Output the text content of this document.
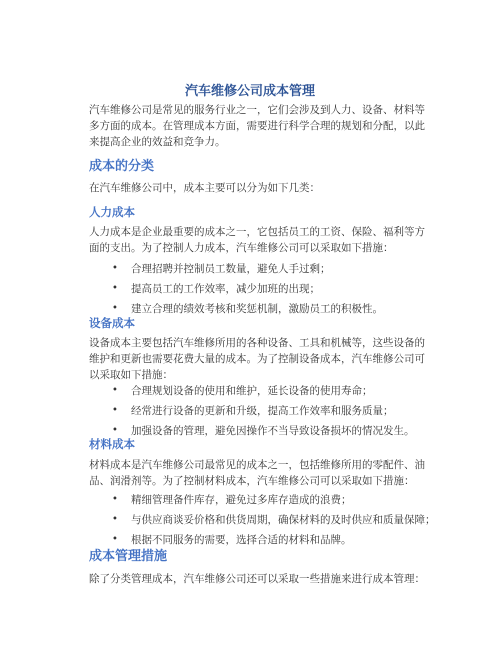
汽车维修公司成本管理

汽车维修公司是常见的服务行业之一，它们会涉及到人力、设备、材料等多方面的成本。在管理成本方面，需要进行科学合理的规划和分配，以此来提高企业的效益和竞争力。

成本的分类

在汽车维修公司中，成本主要可以分为如下几类：

人力成本

人力成本是企业最重要的成本之一，它包括员工的工资、保险、福利等方面的支出。为了控制人力成本，汽车维修公司可以采取如下措施：

• 合理招聘并控制员工数量，避免人手过剩；
• 提高员工的工作效率，减少加班的出现；
• 建立合理的绩效考核和奖惩机制，激励员工的积极性。
设备成本

设备成本主要包括汽车维修所用的各种设备、工具和机械等，这些设备的维护和更新也需要花费大量的成本。为了控制设备成本，汽车维修公司可以采取如下措施：

• 合理规划设备的使用和维护，延长设备的使用寿命；
• 经常进行设备的更新和升级，提高工作效率和服务质量；
• 加强设备的管理，避免因操作不当导致设备损坏的情况发生。
材料成本

材料成本是汽车维修公司最常见的成本之一，包括维修所用的零配件、油品、润滑剂等。为了控制材料成本，汽车维修公司可以采取如下措施：

• 精细管理备件库存，避免过多库存造成的浪费；
• 与供应商谈妥价格和供货周期，确保材料的及时供应和质量保障；
• 根据不同服务的需要，选择合适的材料和品牌。
成本管理措施

除了分类管理成本，汽车维修公司还可以采取一些措施来进行成本管理：
